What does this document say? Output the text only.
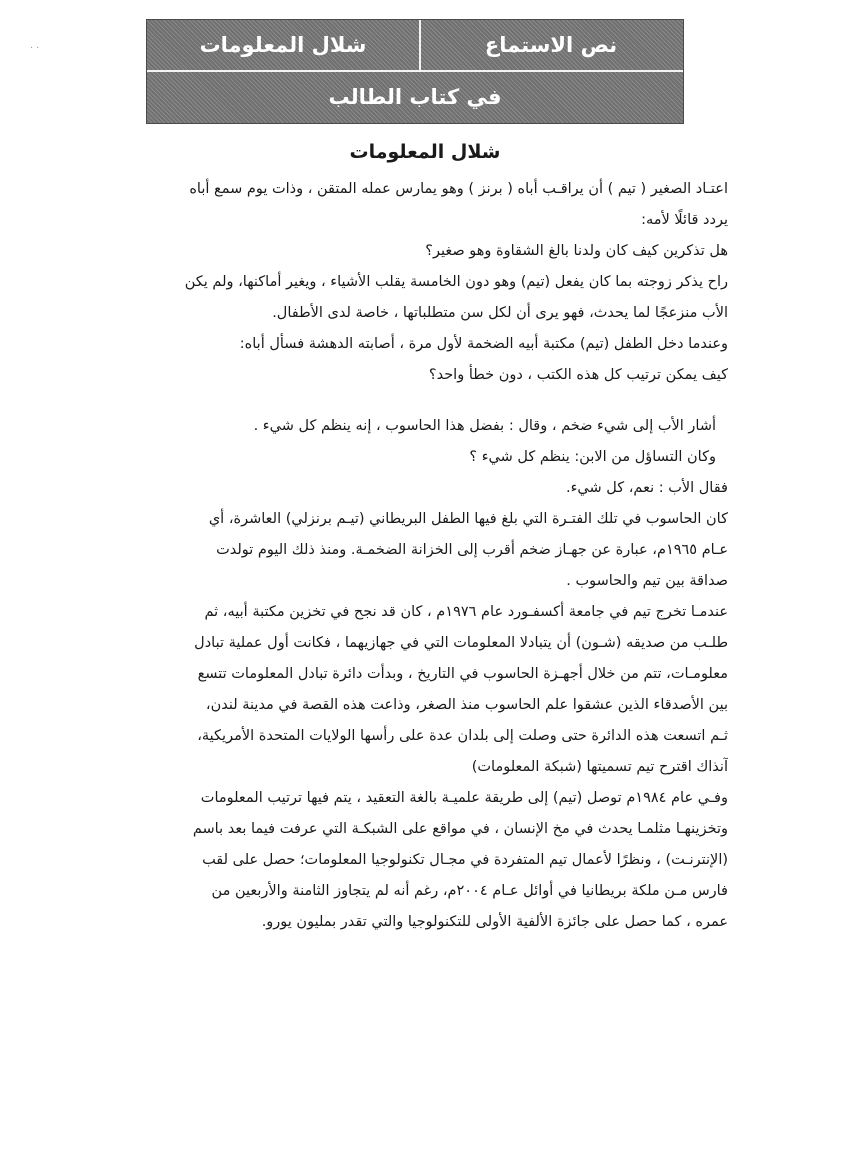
..	نص الاستماع
شلال المعلومات
في كتاب الطالب
شلال المعلومات
اعتـاد الصغير ( تيم ) أن يراقـب أباه ( برنز ) وهو يمارس عمله المتقن ، وذات يوم سمع أباه
يردد قائلًا لأمه:
هل تذكرين كيف كان ولدنا بالغ الشقاوة وهو صغير؟
راح يذكر زوجته بما كان يفعل (تيم) وهو دون الخامسة يقلب الأشياء ، ويغير أماكنها، ولم يكن
الأب منزعجًا لما يحدث، فهو يرى أن لكل سن متطلباتها ، خاصة لدى الأطفال.
وعندما دخل الطفل (تيم) مكتبة أبيه الضخمة لأول مرة ، أصابته الدهشة فسأل أباه:
كيف يمكن ترتيب كل هذه الكتب ، دون خطأ واحد؟
أشار الأب إلى شيء ضخم ، وقال : بفضل هذا الحاسوب ، إنه ينظم كل شيء .
وكان التساؤل من الابن: ينظم كل شيء ؟
فقال الأب : نعم، كل شيء.
كان الحاسوب في تلك الفتـرة التي بلغ فيها الطفل البريطاني (تيـم برنزلي) العاشرة، أي
عـام ١٩٦٥م، عبارة عن جهـاز ضخم أقرب إلى الخزانة الضخمـة. ومنذ ذلك اليوم تولدت
صداقة بين تيم والحاسوب .
عندمـا تخرج تيم في جامعة أكسفـورد عام ١٩٧٦م ، كان قد نجح في تخزين مكتبة أبيه، ثم
طلـب من صديقه (شـون) أن يتبادلا المعلومات التي في جهازيهما ، فكانت أول عملية تبادل
معلومـات، تتم من خلال أجهـزة الحاسوب في التاريخ ، وبدأت دائرة تبادل المعلومات تتسع
بين الأصدقاء الذين عشقوا علم الحاسوب منذ الصغر، وذاعت هذه القصة في مدينة لندن،
ثـم اتسعت هذه الدائرة حتى وصلت إلى بلدان عدة على رأسها الولايات المتحدة الأمريكية،
آنذاك اقترح تيم تسميتها (شبكة المعلومات)
وفـي عام ١٩٨٤م توصل (تيم) إلى طريقة علميـة بالغة التعقيد ، يتم فيها ترتيب المعلومات
وتخزينهـا مثلمـا يحدث في مخ الإنسان ، في مواقع على الشبكـة التي عرفت فيما بعد باسم
(الإنترنـت) ، ونظرًا لأعمال تيم المتفردة في مجـال تكنولوجيا المعلومات؛ حصل على لقب
فارس مـن ملكة بريطانيا في أوائل عـام ٢٠٠٤م، رغم أنه لم يتجاوز الثامنة والأربعين من
عمره ، كما حصل على جائزة الألفية الأولى للتكنولوجيا والتي تقدر بمليون يورو.
